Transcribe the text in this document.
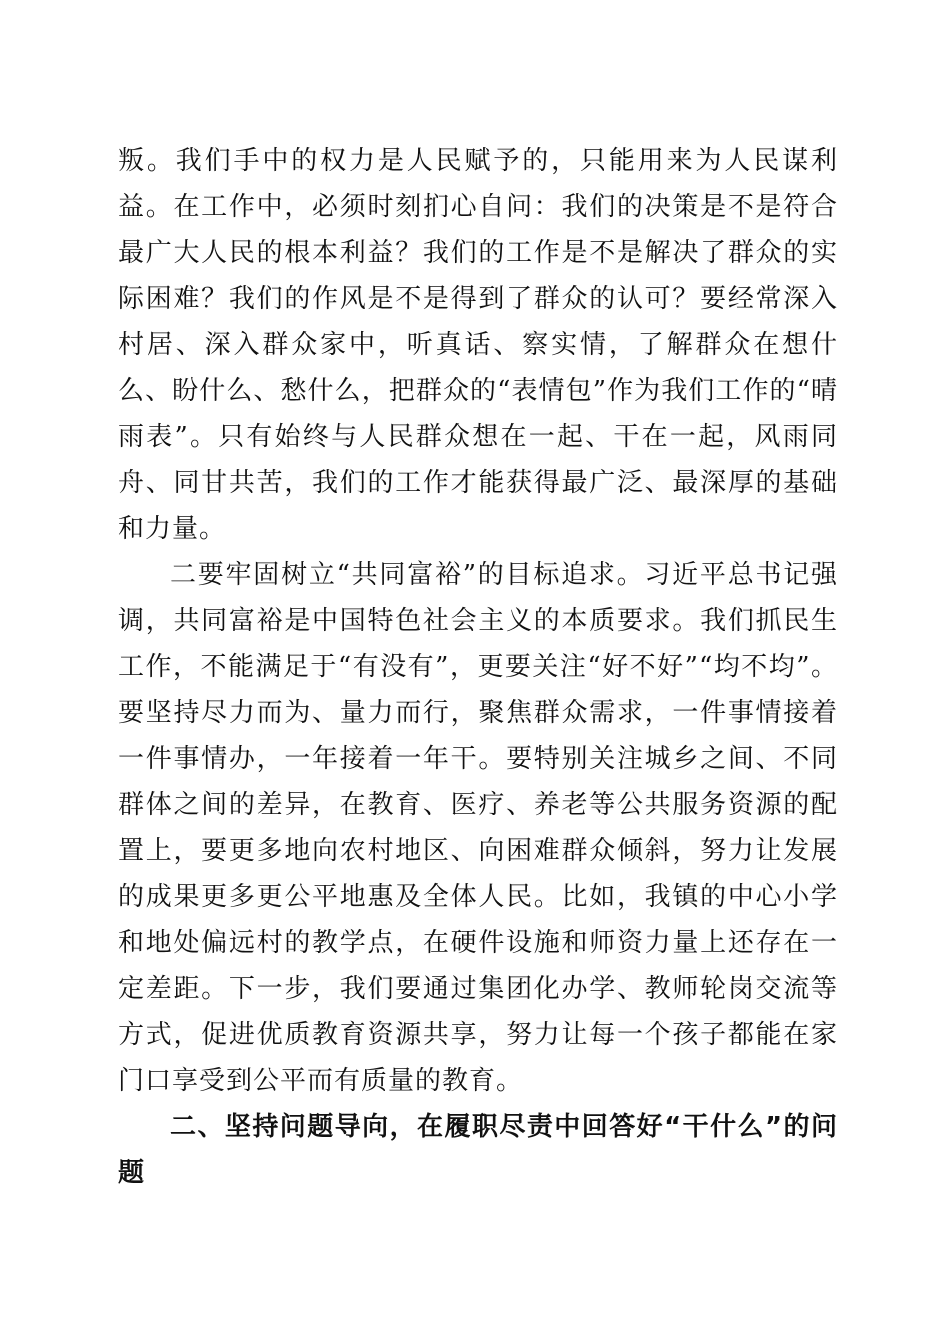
叛。我们手中的权力是人民赋予的，只能用来为人民谋利益。在工作中，必须时刻扪心自问：我们的决策是不是符合最广大人民的根本利益？我们的工作是不是解决了群众的实际困难？我们的作风是不是得到了群众的认可？要经常深入村居、深入群众家中，听真话、察实情，了解群众在想什么、盼什么、愁什么，把群众的“表情包”作为我们工作的“晴雨表”。只有始终与人民群众想在一起、干在一起，风雨同舟、同甘共苦，我们的工作才能获得最广泛、最深厚的基础和力量。

二要牢固树立“共同富裕”的目标追求。习近平总书记强调，共同富裕是中国特色社会主义的本质要求。我们抓民生工作，不能满足于“有没有”，更要关注“好不好”“均不均”。要坚持尽力而为、量力而行，聚焦群众需求，一件事情接着一件事情办，一年接着一年干。要特别关注城乡之间、不同群体之间的差异，在教育、医疗、养老等公共服务资源的配置上，要更多地向农村地区、向困难群众倾斜，努力让发展的成果更多更公平地惠及全体人民。比如，我镇的中心小学和地处偏远村的教学点，在硬件设施和师资力量上还存在一定差距。下一步，我们要通过集团化办学、教师轮岗交流等方式，促进优质教育资源共享，努力让每一个孩子都能在家门口享受到公平而有质量的教育。

二、坚持问题导向，在履职尽责中回答好“干什么”的问题
